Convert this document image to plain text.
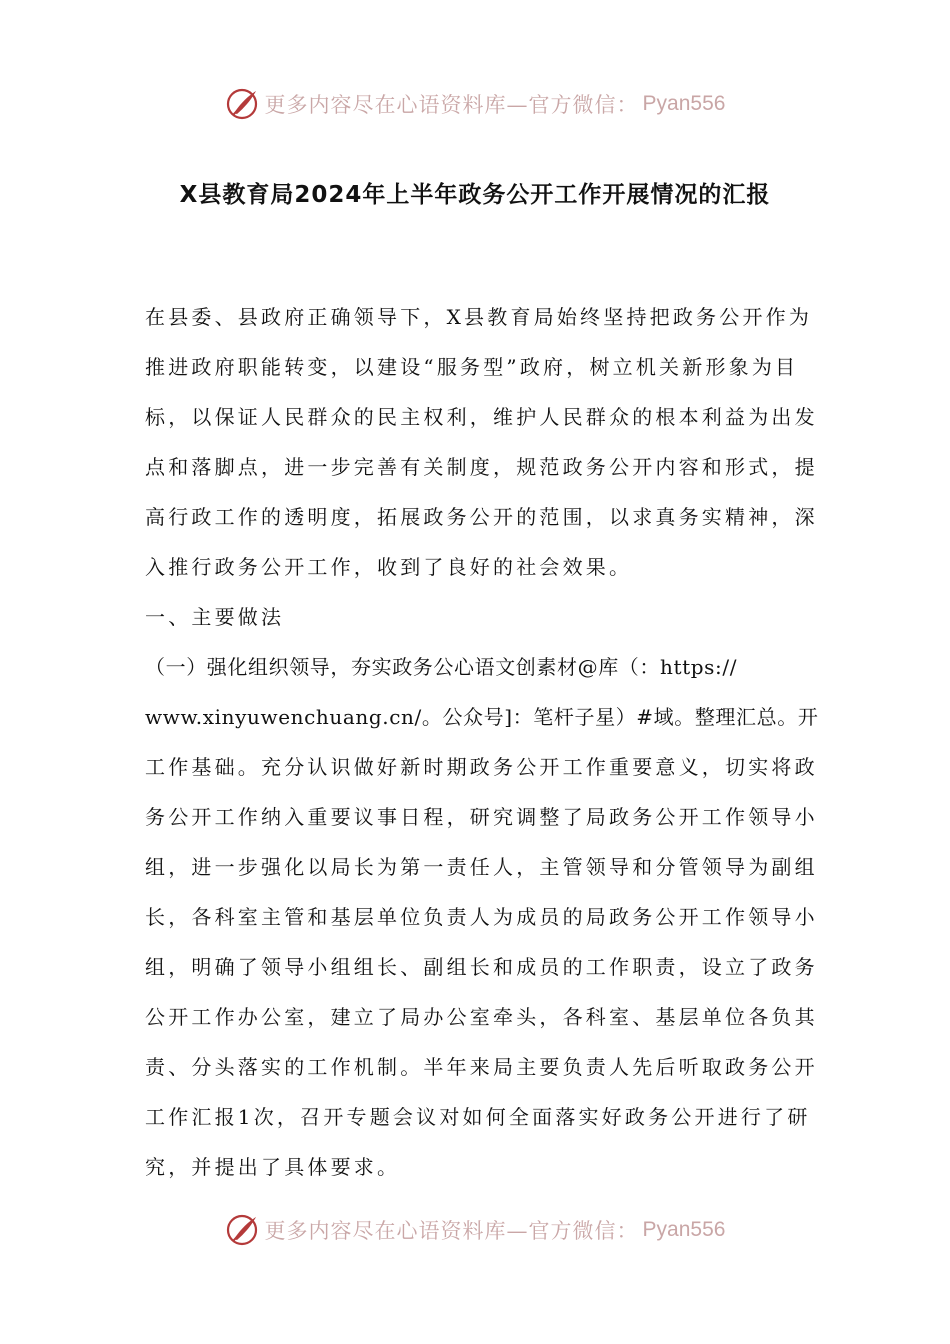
更多内容尽在心语资料库—官方微信： Pyan556
X县教育局2024年上半年政务公开工作开展情况的汇报
在县委、县政府正确领导下，X县教育局始终坚持把政务公开作为
推进政府职能转变，以建设“服务型”政府，树立机关新形象为目
标，以保证人民群众的民主权利，维护人民群众的根本利益为出发
点和落脚点，进一步完善有关制度，规范政务公开内容和形式，提
高行政工作的透明度，拓展政务公开的范围，以求真务实精神，深
入推行政务公开工作，收到了良好的社会效果。
一、主要做法
（一）强化组织领导，夯实政务公心语文创素材@库（：https://
www.xinyuwenchuang.cn/。公众号]：笔杆子星）#域。整理汇总。开
工作基础。充分认识做好新时期政务公开工作重要意义，切实将政
务公开工作纳入重要议事日程，研究调整了局政务公开工作领导小
组，进一步强化以局长为第一责任人，主管领导和分管领导为副组
长，各科室主管和基层单位负责人为成员的局政务公开工作领导小
组，明确了领导小组组长、副组长和成员的工作职责，设立了政务
公开工作办公室，建立了局办公室牵头，各科室、基层单位各负其
责、分头落实的工作机制。半年来局主要负责人先后听取政务公开
工作汇报1次，召开专题会议对如何全面落实好政务公开进行了研
究，并提出了具体要求。
更多内容尽在心语资料库—官方微信： Pyan556
